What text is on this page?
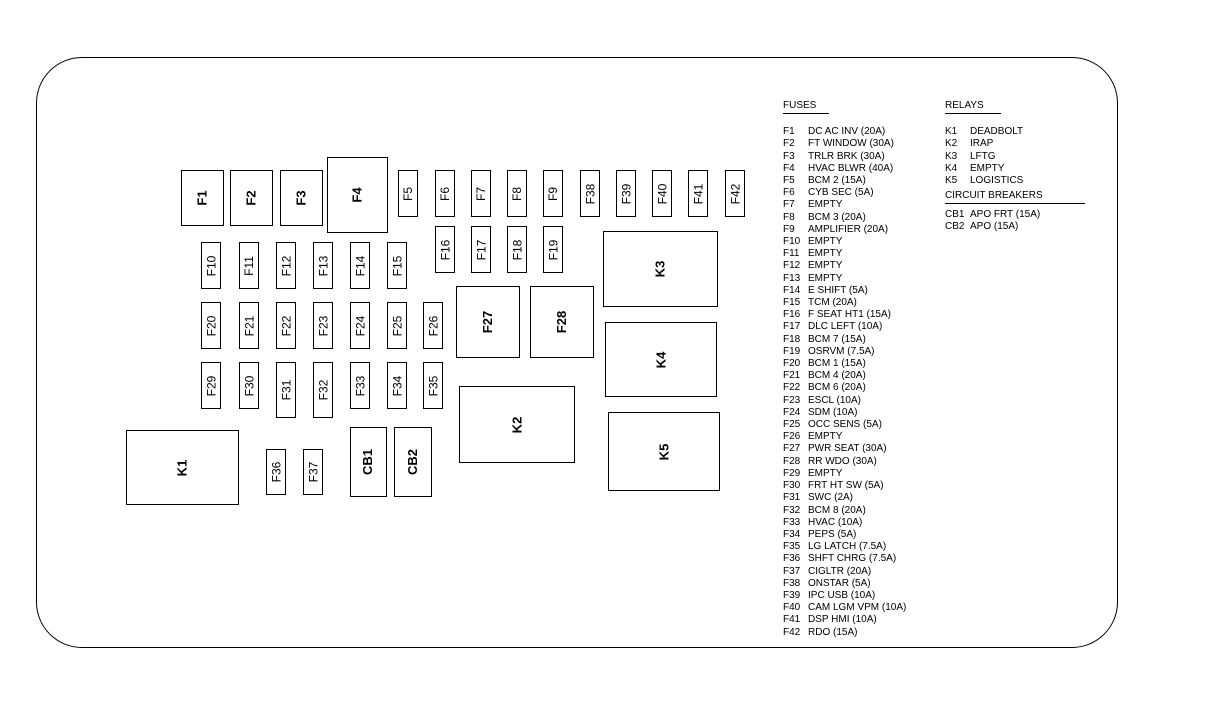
F1	F2	F3	F4	F5 F6 F7 F8 F9 F38 F39 F40 F41 F42
F10 F11 F12 F13 F14 F15
F16 F17 F18 F19
F20 F21 F22 F23 F24 F25 F26	F27	F28
F29 F30 F31 F32 F33 F34 F35
K1	F36 F37	CB1 CB2
K2
K3
K4
K5
FUSES
F1 DC AC INV (20A)
F2 FT WINDOW (30A)
F3 TRLR BRK (30A)
F4 HVAC BLWR (40A)
F5 BCM 2 (15A)
F6 CYB SEC (5A)
F7 EMPTY
F8 BCM 3 (20A)
F9 AMPLIFIER (20A)
F10 EMPTY
F11 EMPTY
F12 EMPTY
F13 EMPTY
F14 E SHIFT (5A)
F15 TCM (20A)
F16 F SEAT HT1 (15A)
F17 DLC LEFT (10A)
F18 BCM 7 (15A)
F19 OSRVM (7.5A)
F20 BCM 1 (15A)
F21 BCM 4 (20A)
F22 BCM 6 (20A)
F23 ESCL (10A)
F24 SDM (10A)
F25 OCC SENS (5A)
F26 EMPTY
F27 PWR SEAT (30A)
F28 RR WDO (30A)
F29 EMPTY
F30 FRT HT SW (5A)
F31 SWC (2A)
F32 BCM 8 (20A)
F33 HVAC (10A)
F34 PEPS (5A)
F35 LG LATCH (7.5A)
F36 SHFT CHRG (7.5A)
F37 CIGLTR (20A)
F38 ONSTAR (5A)
F39 IPC USB (10A)
F40 CAM LGM VPM (10A)
F41 DSP HMI (10A)
F42 RDO (15A)
RELAYS
K1 DEADBOLT
K2 IRAP
K3 LFTG
K4 EMPTY
K5 LOGISTICS
CIRCUIT BREAKERS
CB1 APO FRT (15A)
CB2 APO (15A)
